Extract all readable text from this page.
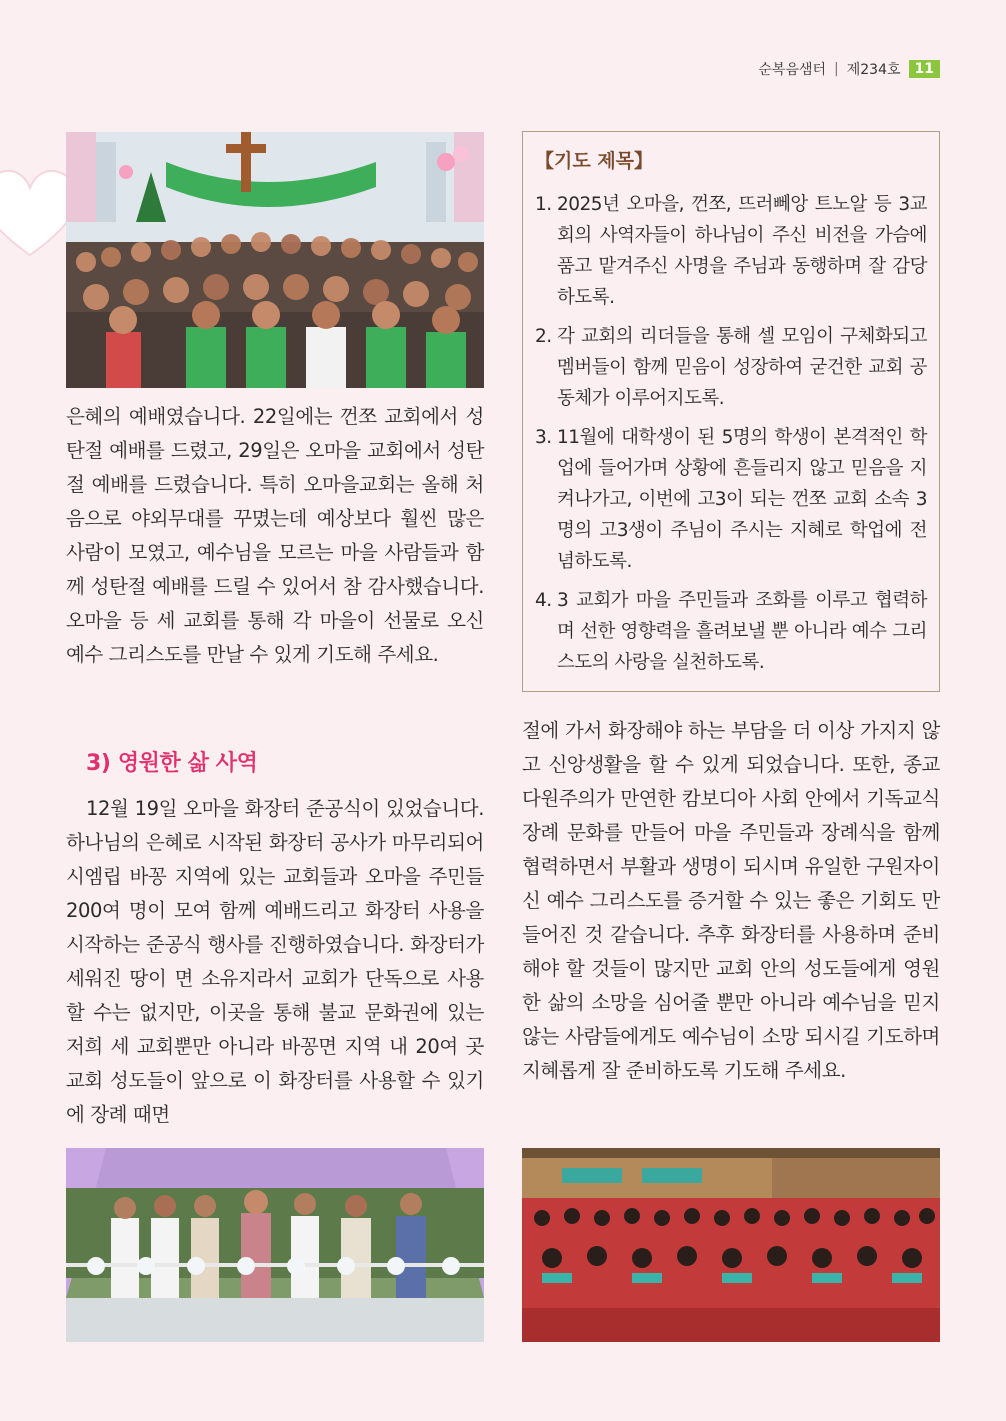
순복음샘터 | 제234호	11

은혜의 예배였습니다. 22일에는 껀쪼 교회에서 성탄절 예배를 드렸고, 29일은 오마을 교회에서 성탄절 예배를 드렸습니다. 특히 오마을교회는 올해 처음으로 야외무대를 꾸몄는데 예상보다 훨씬 많은 사람이 모였고, 예수님을 모르는 마을 사람들과 함께 성탄절 예배를 드릴 수 있어서 참 감사했습니다. 오마을 등 세 교회를 통해 각 마을이 선물로 오신 예수 그리스도를 만날 수 있게 기도해 주세요.

3) 영원한 삶 사역

12월 19일 오마을 화장터 준공식이 있었습니다. 하나님의 은혜로 시작된 화장터 공사가 마무리되어 시엠립 바꽁 지역에 있는 교회들과 오마을 주민들 200여 명이 모여 함께 예배드리고 화장터 사용을 시작하는 준공식 행사를 진행하였습니다. 화장터가 세워진 땅이 면 소유지라서 교회가 단독으로 사용할 수는 없지만, 이곳을 통해 불교 문화권에 있는 저희 세 교회뿐만 아니라 바꽁면 지역 내 20여 곳 교회 성도들이 앞으로 이 화장터를 사용할 수 있기에 장례 때면

【기도 제목】
1. 2025년 오마을, 껀쪼, 뜨러뻬앙 트노알 등 3교회의 사역자들이 하나님이 주신 비전을 가슴에 품고 맡겨주신 사명을 주님과 동행하며 잘 감당하도록.
2. 각 교회의 리더들을 통해 셀 모임이 구체화되고 멤버들이 함께 믿음이 성장하여 굳건한 교회 공동체가 이루어지도록.
3. 11월에 대학생이 된 5명의 학생이 본격적인 학업에 들어가며 상황에 흔들리지 않고 믿음을 지켜나가고, 이번에 고3이 되는 껀쪼 교회 소속 3명의 고3생이 주님이 주시는 지혜로 학업에 전념하도록.
4. 3 교회가 마을 주민들과 조화를 이루고 협력하며 선한 영향력을 흘려보낼 뿐 아니라 예수 그리스도의 사랑을 실천하도록.

절에 가서 화장해야 하는 부담을 더 이상 가지지 않고 신앙생활을 할 수 있게 되었습니다. 또한, 종교 다원주의가 만연한 캄보디아 사회 안에서 기독교식 장례 문화를 만들어 마을 주민들과 장례식을 함께 협력하면서 부활과 생명이 되시며 유일한 구원자이신 예수 그리스도를 증거할 수 있는 좋은 기회도 만들어진 것 같습니다. 추후 화장터를 사용하며 준비해야 할 것들이 많지만 교회 안의 성도들에게 영원한 삶의 소망을 심어줄 뿐만 아니라 예수님을 믿지 않는 사람들에게도 예수님이 소망 되시길 기도하며 지혜롭게 잘 준비하도록 기도해 주세요.
